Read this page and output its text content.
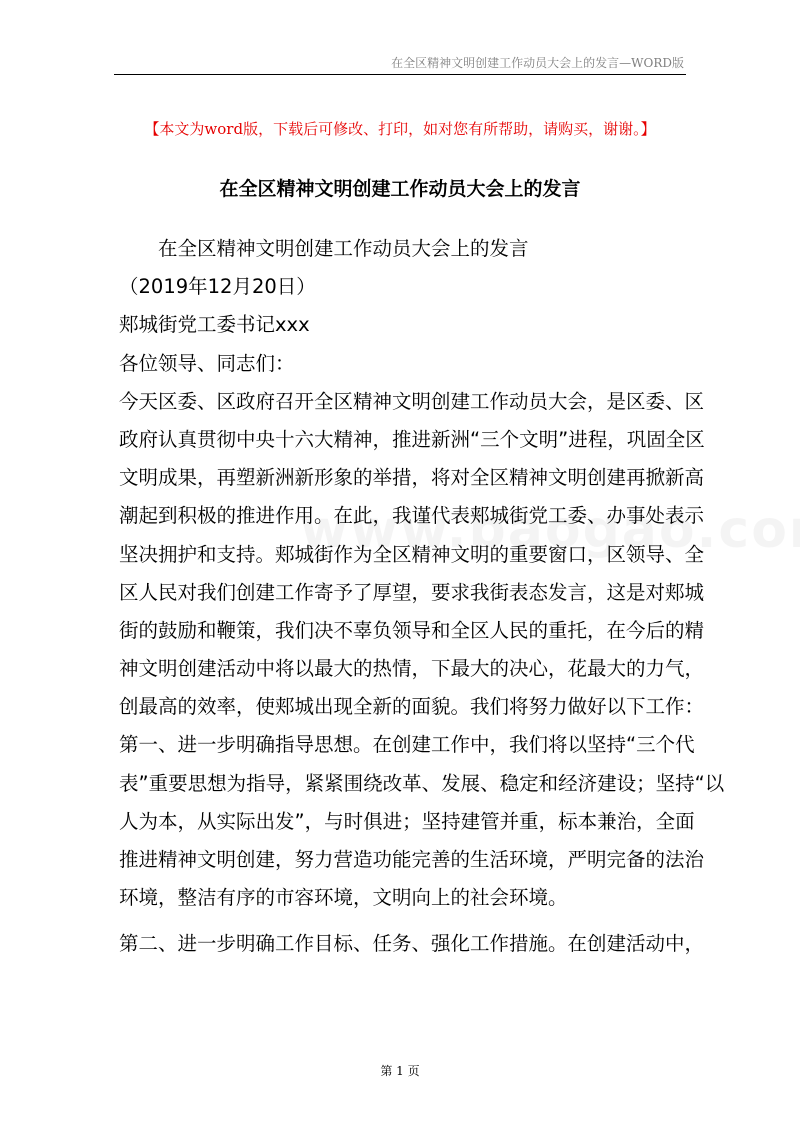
在全区精神文明创建工作动员大会上的发言—WORD版
【本文为word版，下载后可修改、打印，如对您有所帮助，请购买，谢谢。】
在全区精神文明创建工作动员大会上的发言
在全区精神文明创建工作动员大会上的发言
（2019年12月20日）
郏城街党工委书记xxx
各位领导、同志们：
今天区委、区政府召开全区精神文明创建工作动员大会，是区委、区
政府认真贯彻中央十六大精神，推进新洲“三个文明”进程，巩固全区
文明成果，再塑新洲新形象的举措，将对全区精神文明创建再掀新高
潮起到积极的推进作用。在此，我谨代表郏城街党工委、办事处表示
坚决拥护和支持。郏城街作为全区精神文明的重要窗口，区领导、全
区人民对我们创建工作寄予了厚望，要求我街表态发言，这是对郏城
街的鼓励和鞭策，我们决不辜负领导和全区人民的重托，在今后的精
神文明创建活动中将以最大的热情，下最大的决心，花最大的力气，
创最高的效率，使郏城出现全新的面貌。我们将努力做好以下工作：
第一、进一步明确指导思想。在创建工作中，我们将以坚持“三个代
表”重要思想为指导，紧紧围绕改革、发展、稳定和经济建设；坚持“以
人为本，从实际出发”，与时俱进；坚持建管并重，标本兼治，全面
推进精神文明创建，努力营造功能完善的生活环境，严明完备的法治
环境，整洁有序的市容环境，文明向上的社会环境。
第二、进一步明确工作目标、任务、强化工作措施。在创建活动中，
第 1 页
